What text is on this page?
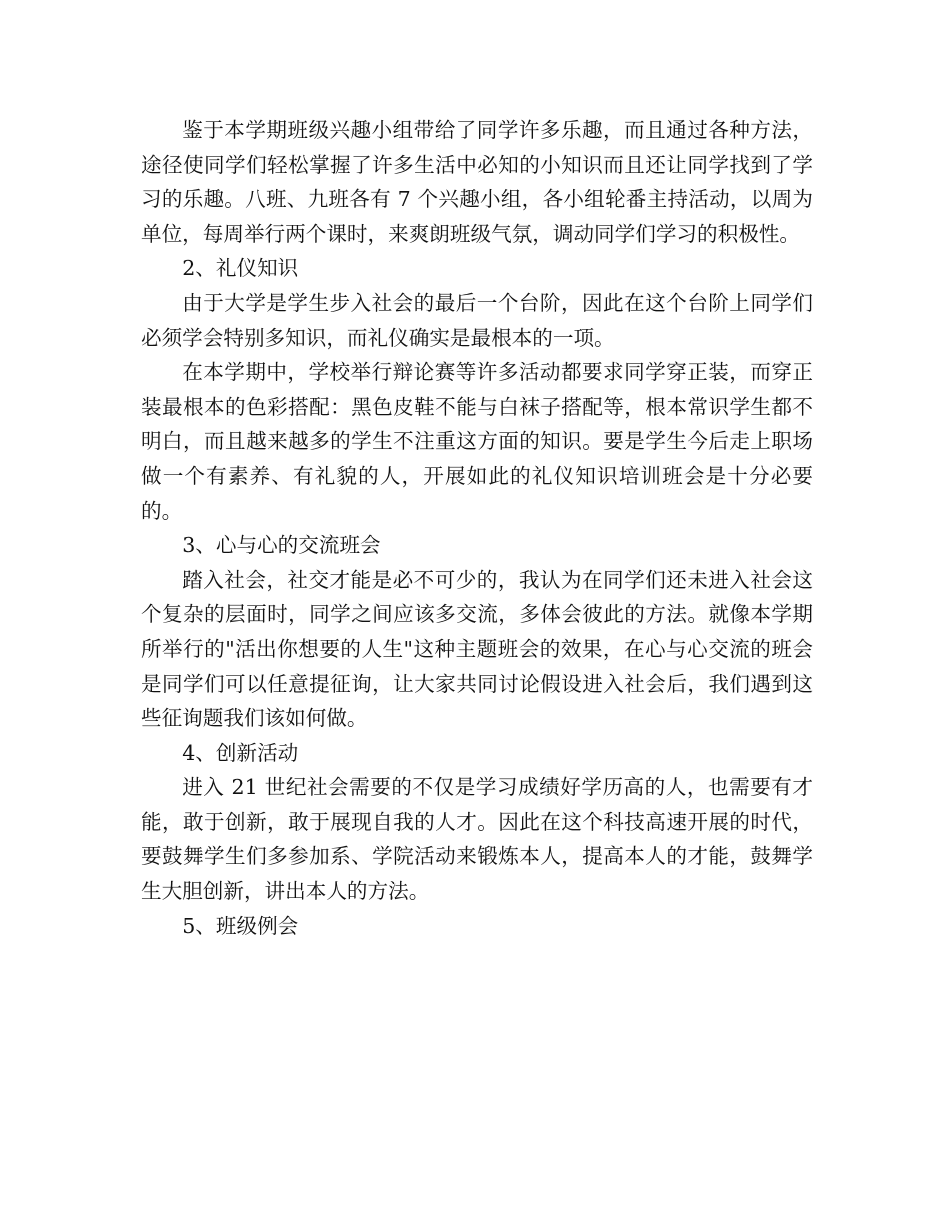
鉴于本学期班级兴趣小组带给了同学许多乐趣，而且通过各种方法，途径使同学们轻松掌握了许多生活中必知的小知识而且还让同学找到了学习的乐趣。八班、九班各有 7 个兴趣小组，各小组轮番主持活动，以周为单位，每周举行两个课时，来爽朗班级气氛，调动同学们学习的积极性。

2、礼仪知识

由于大学是学生步入社会的最后一个台阶，因此在这个台阶上同学们必须学会特别多知识，而礼仪确实是最根本的一项。

在本学期中，学校举行辩论赛等许多活动都要求同学穿正装，而穿正装最根本的色彩搭配：黑色皮鞋不能与白袜子搭配等，根本常识学生都不明白，而且越来越多的学生不注重这方面的知识。要是学生今后走上职场做一个有素养、有礼貌的人，开展如此的礼仪知识培训班会是十分必要的。

3、心与心的交流班会

踏入社会，社交才能是必不可少的，我认为在同学们还未进入社会这个复杂的层面时，同学之间应该多交流，多体会彼此的方法。就像本学期所举行的"活出你想要的人生"这种主题班会的效果，在心与心交流的班会是同学们可以任意提征询，让大家共同讨论假设进入社会后，我们遇到这些征询题我们该如何做。

4、创新活动

进入 21 世纪社会需要的不仅是学习成绩好学历高的人，也需要有才能，敢于创新，敢于展现自我的人才。因此在这个科技高速开展的时代，要鼓舞学生们多参加系、学院活动来锻炼本人，提高本人的才能，鼓舞学生大胆创新，讲出本人的方法。

5、班级例会
